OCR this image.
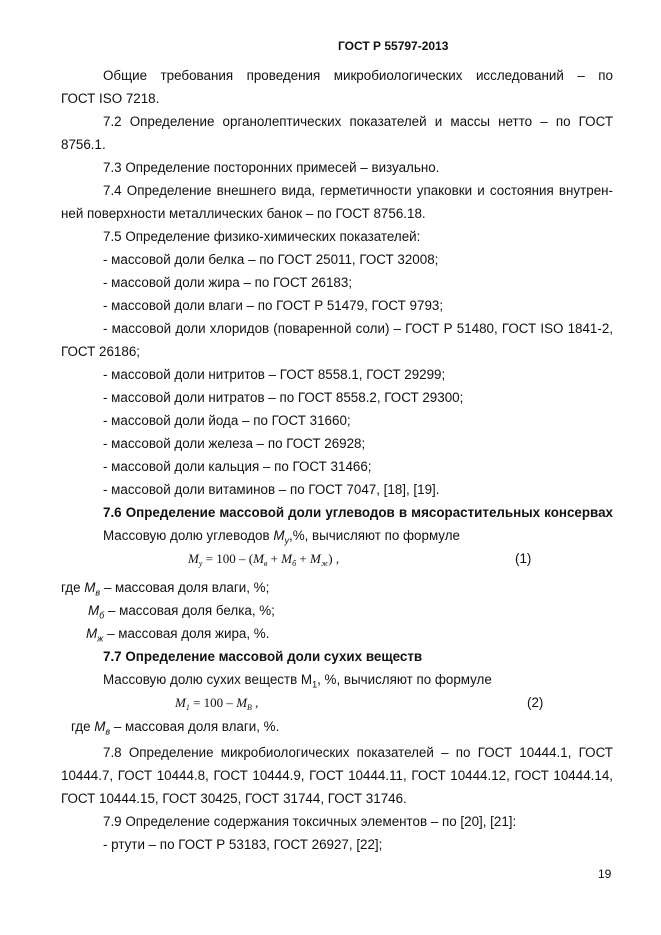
ГОСТ Р 55797-2013
Общие требования проведения микробиологических исследований – по
ГОСТ ISO 7218.
7.2 Определение органолептических показателей и массы нетто – по ГОСТ
8756.1.
7.3 Определение посторонних примесей – визуально.
7.4 Определение внешнего вида, герметичности упаковки и состояния внутрен-
ней поверхности металлических банок – по ГОСТ 8756.18.
7.5 Определение физико-химических показателей:
- массовой доли белка – по ГОСТ 25011, ГОСТ 32008;
- массовой доли жира – по ГОСТ 26183;
- массовой доли влаги – по ГОСТ Р 51479, ГОСТ 9793;
- массовой доли хлоридов (поваренной соли) – ГОСТ Р 51480, ГОСТ ISO 1841-2,
ГОСТ 26186;
- массовой доли нитритов – ГОСТ 8558.1, ГОСТ 29299;
- массовой доли нитратов – по ГОСТ 8558.2, ГОСТ 29300;
- массовой доли йода – по ГОСТ 31660;
- массовой доли железа – по ГОСТ 26928;
- массовой доли кальция – по ГОСТ 31466;
- массовой доли витаминов – по ГОСТ 7047, [18], [19].
7.6 Определение массовой доли углеводов в мясорастительных консервах
Массовую долю углеводов $М_у,\%$, вычисляют по формуле
$M_у = 100 - (M_в + M_б + M_ж)$ ,	(1)
где $М_в$ – массовая доля влаги, %;
$М_б$ – массовая доля белка, %;
$М_ж$ – массовая доля жира, %.
7.7 Определение массовой доли сухих веществ
Массовую долю сухих веществ $М_1$, %, вычисляют по формуле
$M_1 = 100 - M_В$ ,	(2)
где $М_в$ – массовая доля влаги, %.
7.8 Определение микробиологических показателей – по ГОСТ 10444.1, ГОСТ
10444.7, ГОСТ 10444.8, ГОСТ 10444.9, ГОСТ 10444.11, ГОСТ 10444.12, ГОСТ 10444.14,
ГОСТ 10444.15, ГОСТ 30425, ГОСТ 31744, ГОСТ 31746.
7.9 Определение содержания токсичных элементов – по [20], [21]:
- ртути – по ГОСТ Р 53183, ГОСТ 26927, [22];
19
